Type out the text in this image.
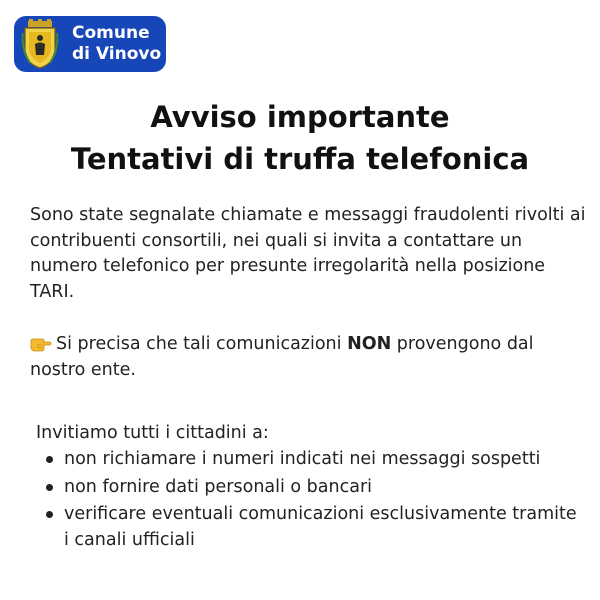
Comune
di Vinovo
Avviso importante
Tentativi di truffa telefonica

Sono state segnalate chiamate e messaggi fraudolenti rivolti ai contribuenti consortili, nei quali si invita a contattare un numero telefonico per presunte irregolarità nella posizione TARI.

Si precisa che tali comunicazioni NON provengono dal nostro ente.
Invitiamo tutti i cittadini a:
non richiamare i numeri indicati nei messaggi sospetti
non fornire dati personali o bancari
verificare eventuali comunicazioni esclusivamente tramite i canali ufficiali
